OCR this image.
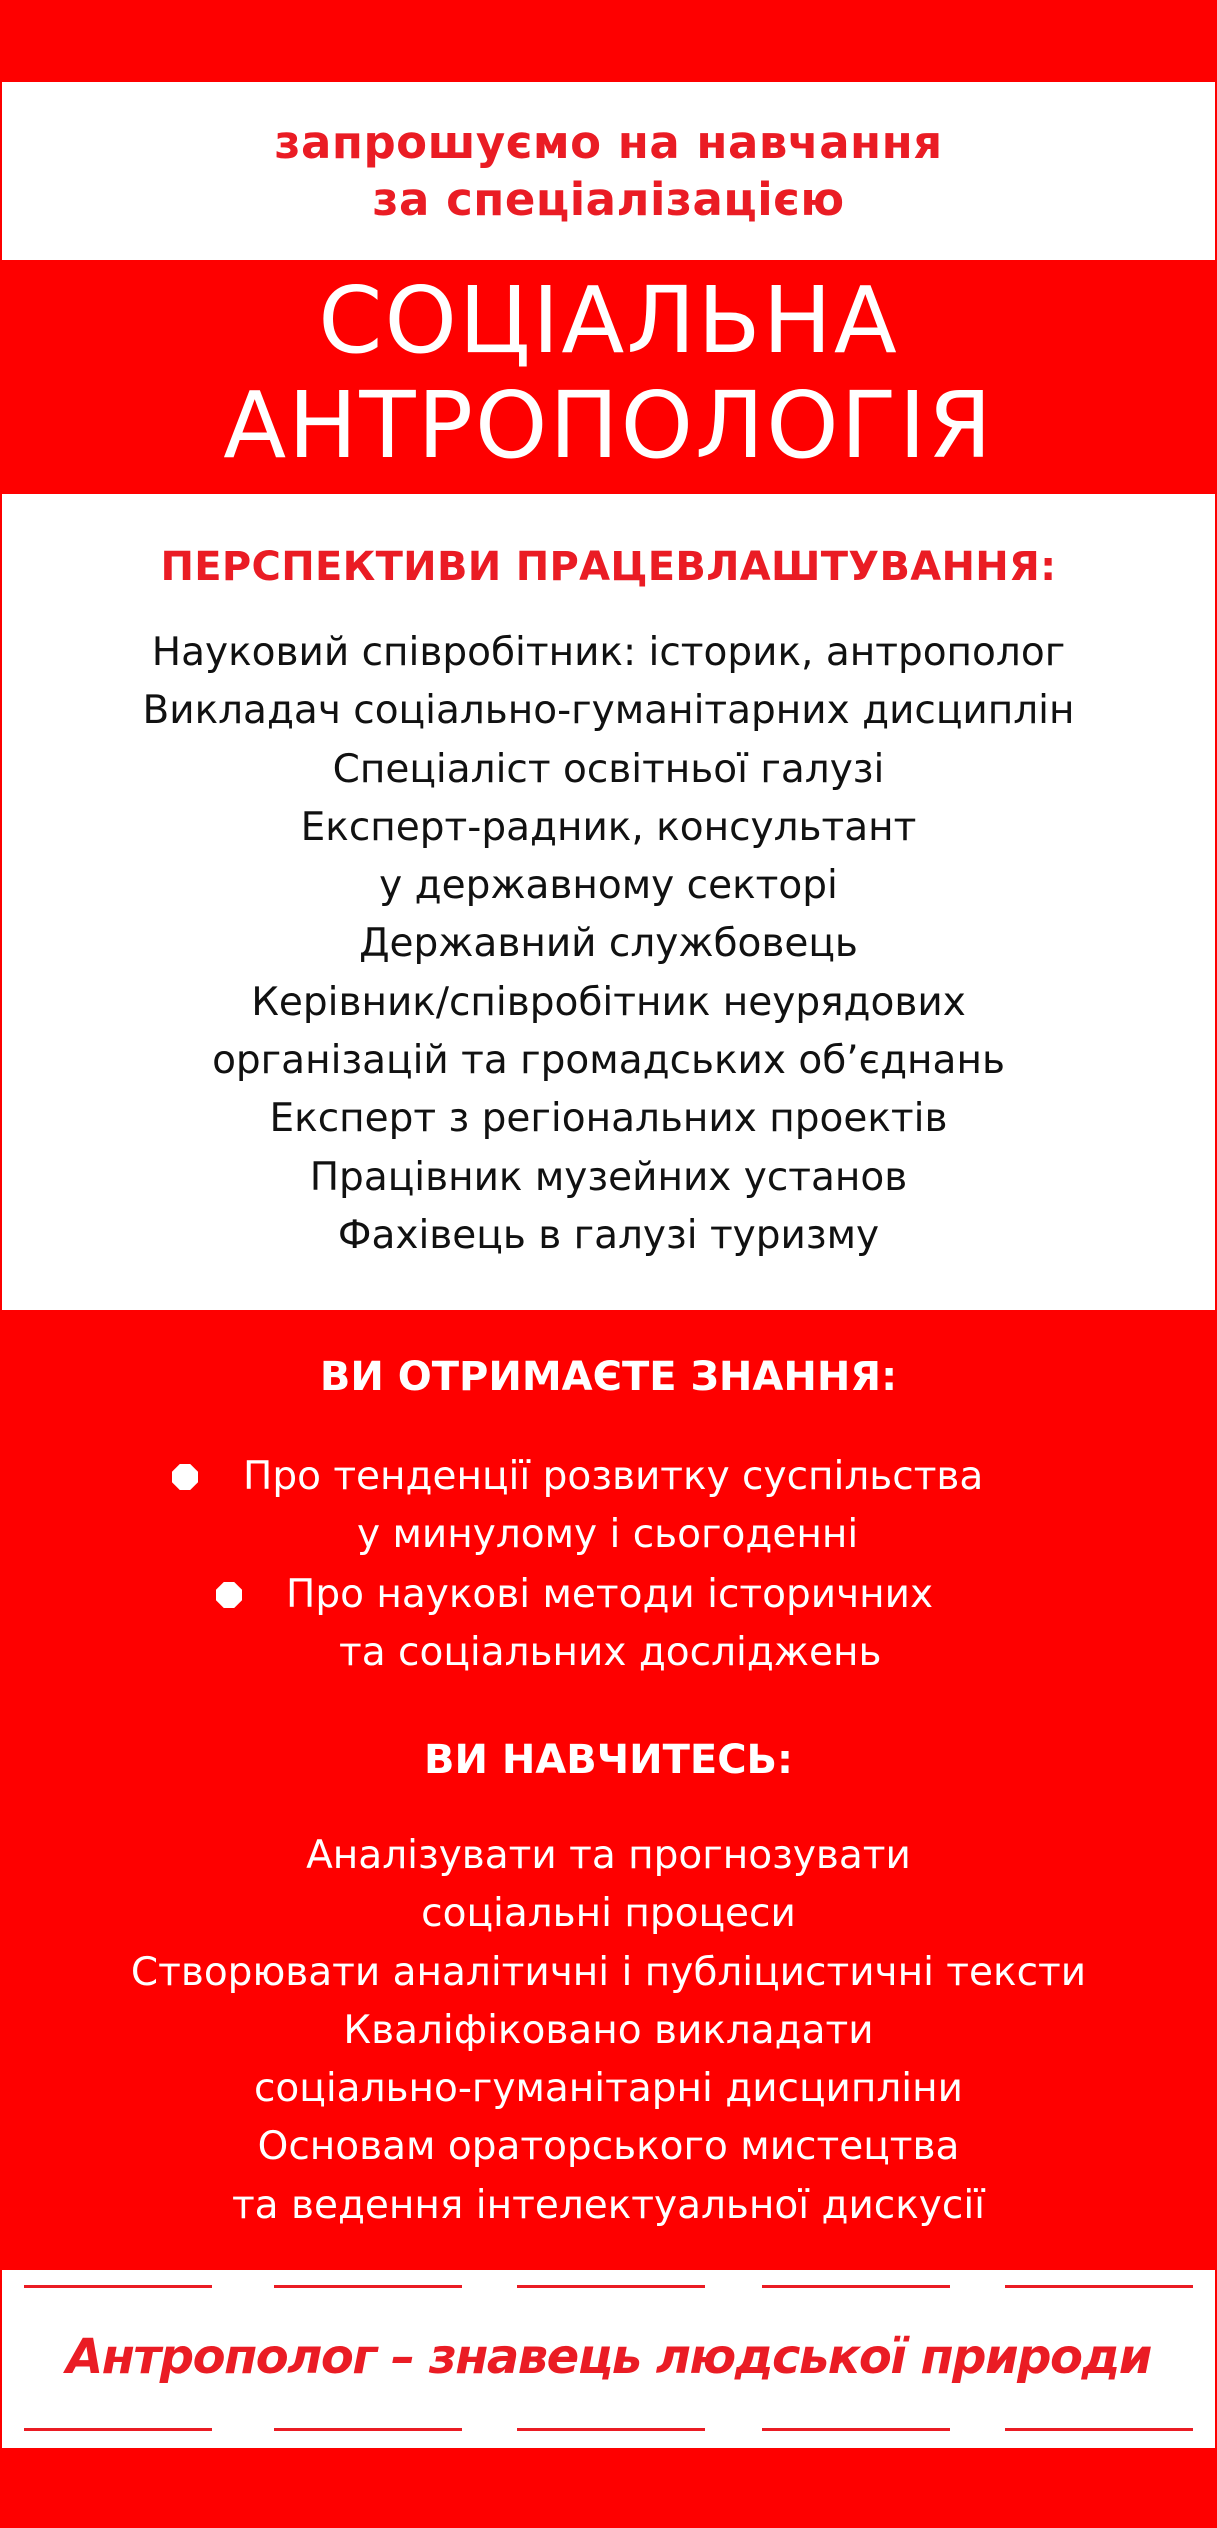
запрошуємо на навчання
за спеціалізацією
СОЦІАЛЬНА
АНТРОПОЛОГІЯ
ПЕРСПЕКТИВИ ПРАЦЕВЛАШТУВАННЯ:
Науковий співробітник: історик, антрополог
Викладач соціально-гуманітарних дисциплін
Спеціаліст освітньої галузі
Експерт-радник, консультант
у державному секторі
Державний службовець
Керівник/співробітник неурядових
організацій та громадських об’єднань
Експерт з регіональних проектів
Працівник музейних установ
Фахівець в галузі туризму
ВИ ОТРИМАЄТЕ ЗНАННЯ:
Про тенденції розвитку суспільства
у минулому і сьогоденні
Про наукові методи історичних
та соціальних досліджень
ВИ НАВЧИТЕСЬ:
Аналізувати та прогнозувати
соціальні процеси
Створювати аналітичні і публіцистичні тексти
Кваліфіковано викладати
соціально-гуманітарні дисципліни
Основам ораторського мистецтва
та ведення інтелектуальної дискусії
Антрополог – знавець людської природи
